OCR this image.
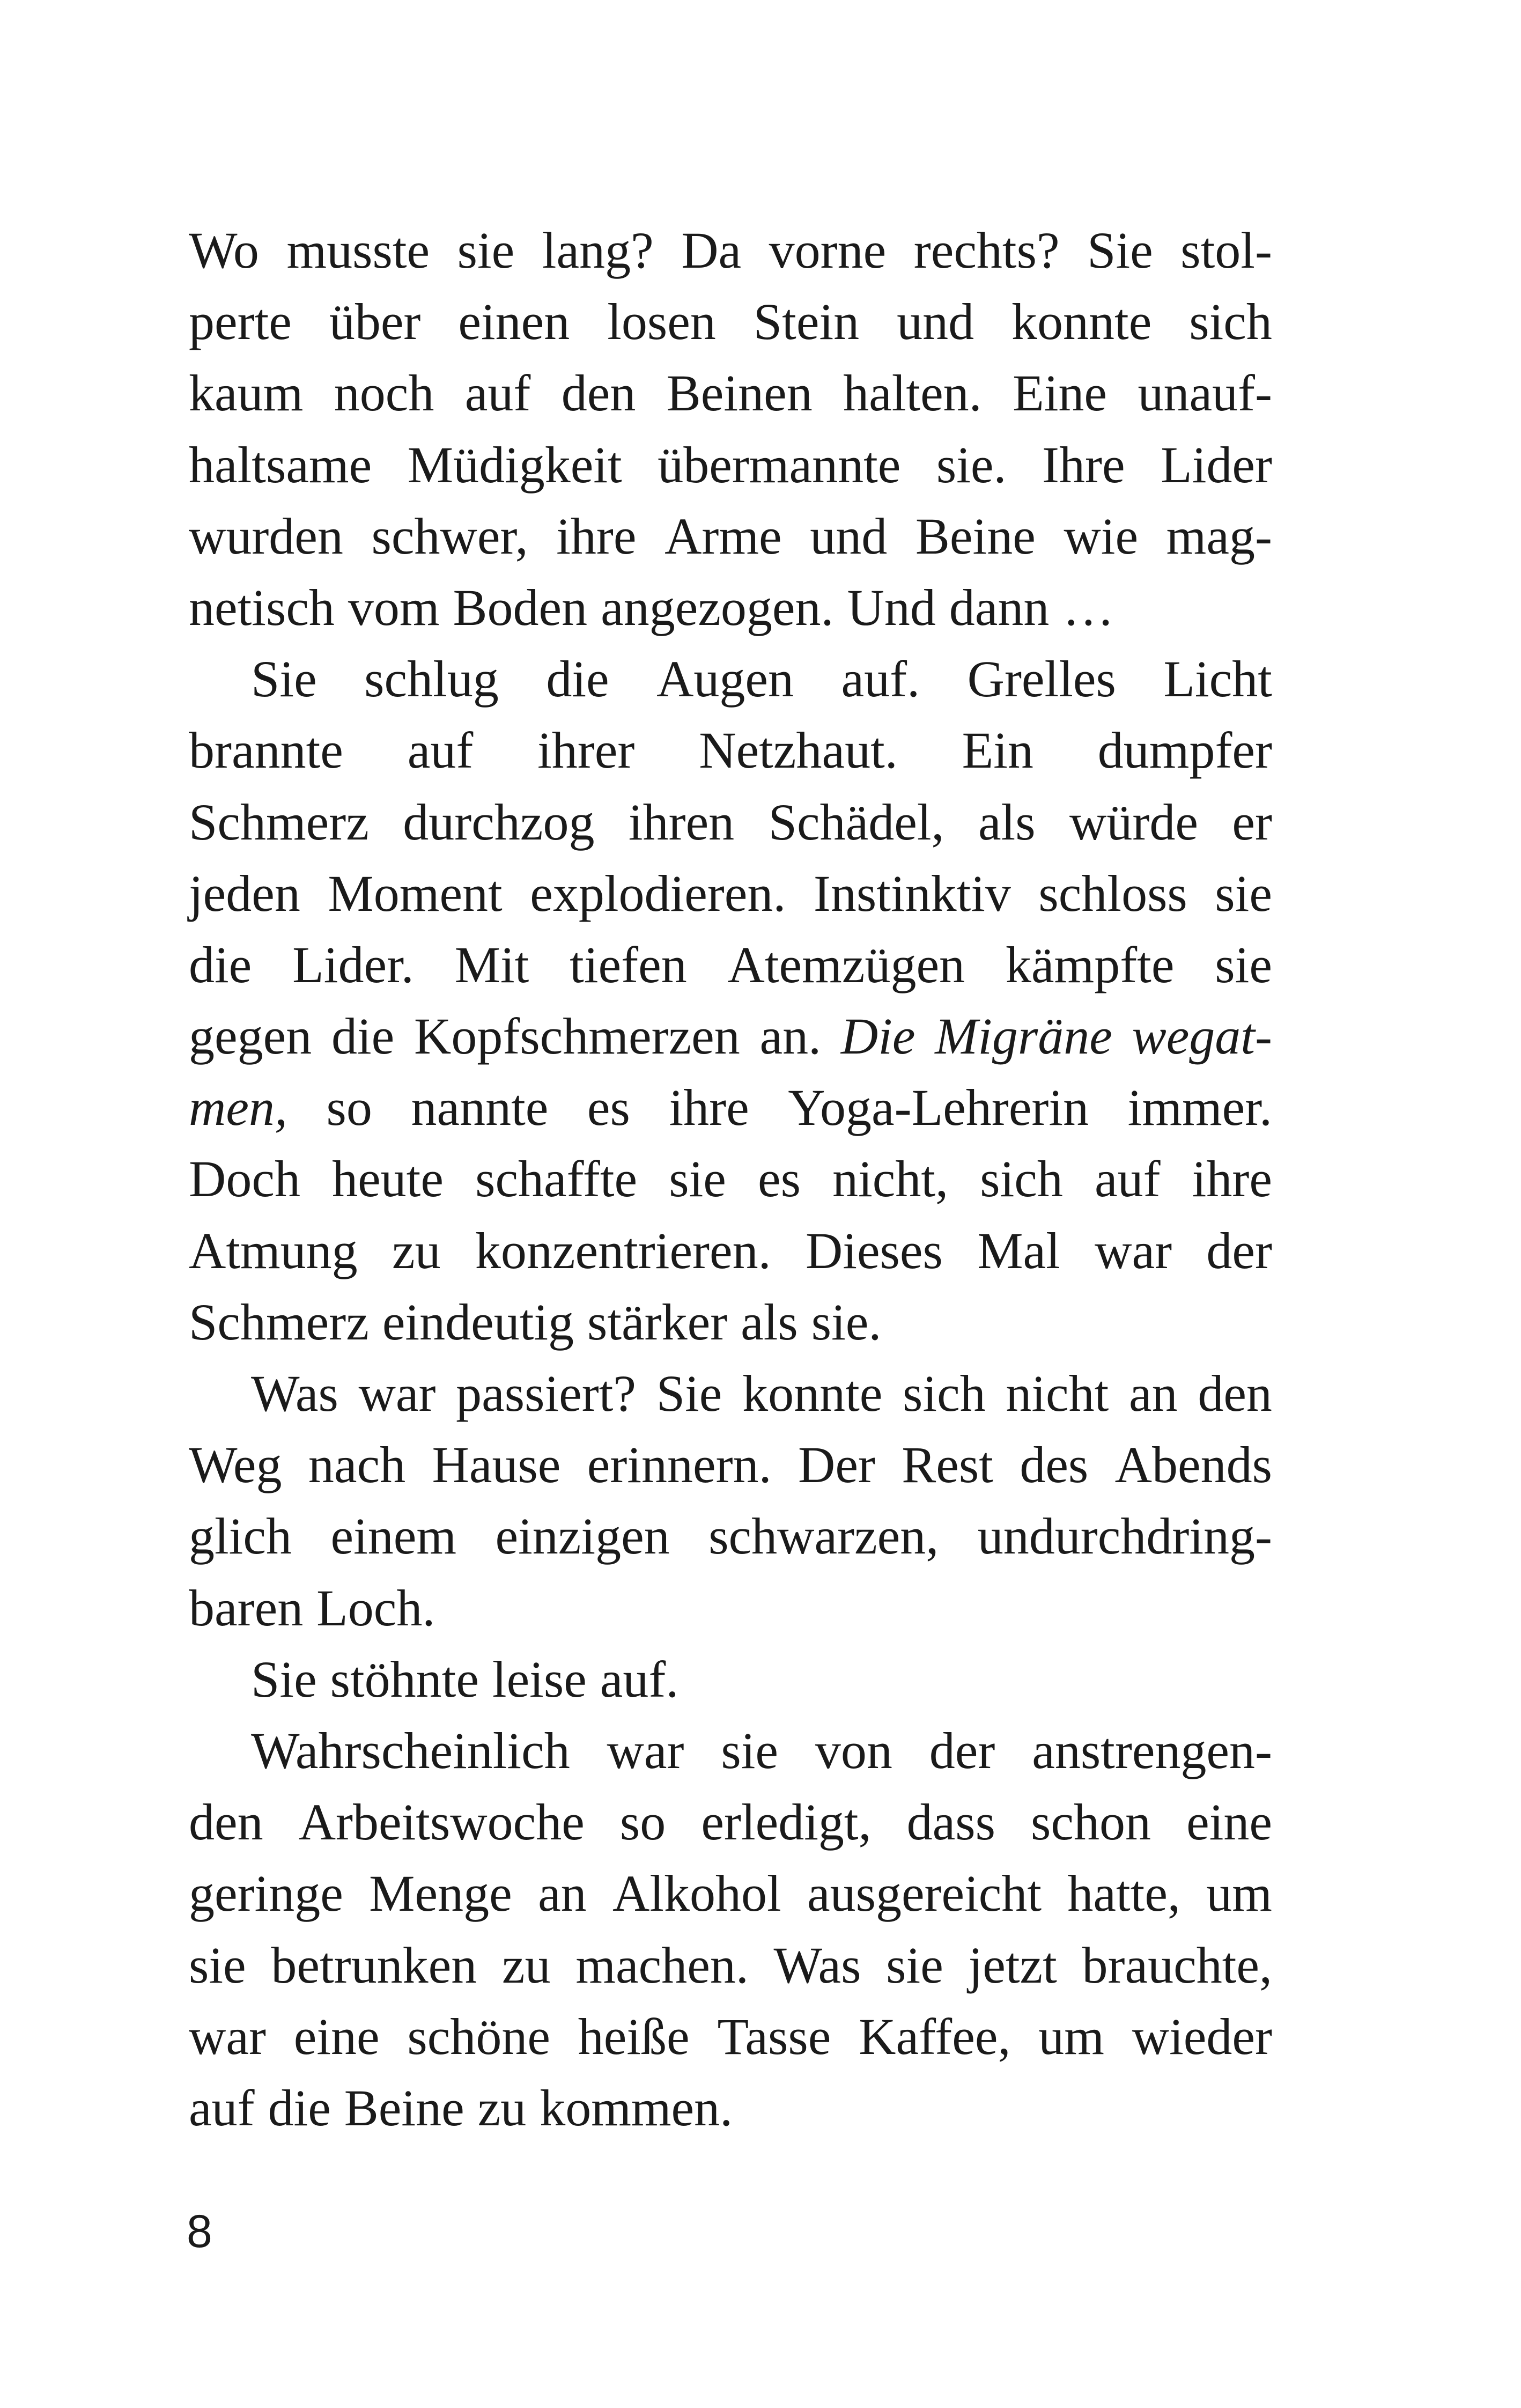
Wo musste sie lang? Da vorne rechts? Sie stol-
perte über einen losen Stein und konnte sich
kaum noch auf den Beinen halten. Eine unauf-
haltsame Müdigkeit übermannte sie. Ihre Lider
wurden schwer, ihre Arme und Beine wie mag-
netisch vom Boden angezogen. Und dann …
Sie schlug die Augen auf. Grelles Licht
brannte auf ihrer Netzhaut. Ein dumpfer
Schmerz durchzog ihren Schädel, als würde er
jeden Moment explodieren. Instinktiv schloss sie
die Lider. Mit tiefen Atemzügen kämpfte sie
gegen die Kopfschmerzen an. Die Migräne wegat-
men, so nannte es ihre Yoga-Lehrerin immer.
Doch heute schaffte sie es nicht, sich auf ihre
Atmung zu konzentrieren. Dieses Mal war der
Schmerz eindeutig stärker als sie.
Was war passiert? Sie konnte sich nicht an den
Weg nach Hause erinnern. Der Rest des Abends
glich einem einzigen schwarzen, undurchdring-
baren Loch.
Sie stöhnte leise auf.
Wahrscheinlich war sie von der anstrengen-
den Arbeitswoche so erledigt, dass schon eine
geringe Menge an Alkohol ausgereicht hatte, um
sie betrunken zu machen. Was sie jetzt brauchte,
war eine schöne heiße Tasse Kaffee, um wieder
auf die Beine zu kommen.
8
